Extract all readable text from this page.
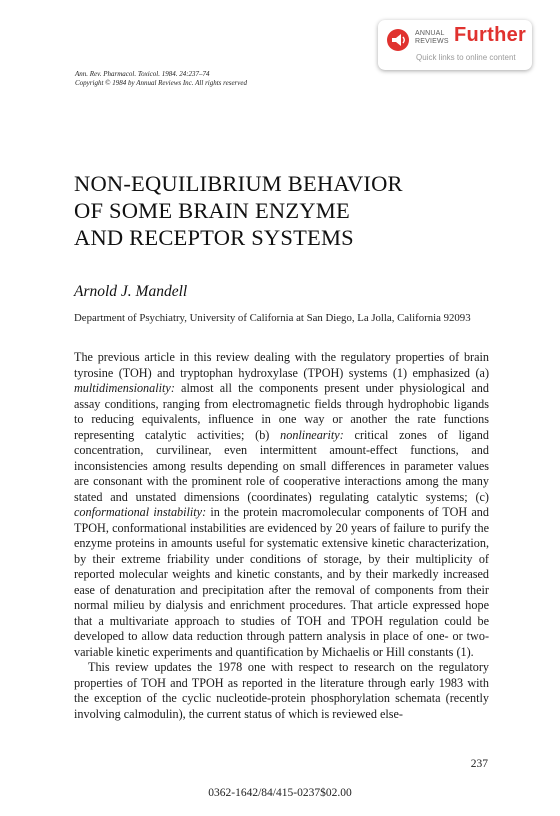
ANNUAL REVIEWS Further
Quick links to online content
Ann. Rev. Pharmacol. Toxicol. 1984. 24:237–74
Copyright © 1984 by Annual Reviews Inc. All rights reserved
NON-EQUILIBRIUM BEHAVIOR
OF SOME BRAIN ENZYME
AND RECEPTOR SYSTEMS
Arnold J. Mandell
Department of Psychiatry, University of California at San Diego, La Jolla, California 92093

The previous article in this review dealing with the regulatory properties of brain tyrosine (TOH) and tryptophan hydroxylase (TPOH) systems (1) emphasized (a) multidimensionality: almost all the components present under physiological and assay conditions, ranging from electromagnetic fields through hydrophobic ligands to reducing equivalents, influence in one way or another the rate functions representing catalytic activities; (b) nonlinearity: critical zones of ligand concentration, curvilinear, even intermittent amount-effect functions, and inconsistencies among results depending on small differences in parameter values are consonant with the prominent role of cooperative interactions among the many stated and unstated dimensions (coordinates) regulating catalytic systems; (c) conformational instability: in the protein macromolecular components of TOH and TPOH, conformational instabilities are evidenced by 20 years of failure to purify the enzyme proteins in amounts useful for systematic extensive kinetic characterization, by their extreme friability under conditions of storage, by their multiplicity of reported molecular weights and kinetic constants, and by their markedly increased ease of denaturation and precipitation after the removal of components from their normal milieu by dialysis and enrichment procedures. That article expressed hope that a multivariate approach to studies of TOH and TPOH regulation could be developed to allow data reduction through pattern analysis in place of one- or two-variable kinetic experiments and quantification by Michaelis or Hill constants (1).

This review updates the 1978 one with respect to research on the regulatory properties of TOH and TPOH as reported in the literature through early 1983 with the exception of the cyclic nucleotide-protein phosphorylation schemata (recently involving calmodulin), the current status of which is reviewed else-

237
0362-1642/84/415-0237$02.00
